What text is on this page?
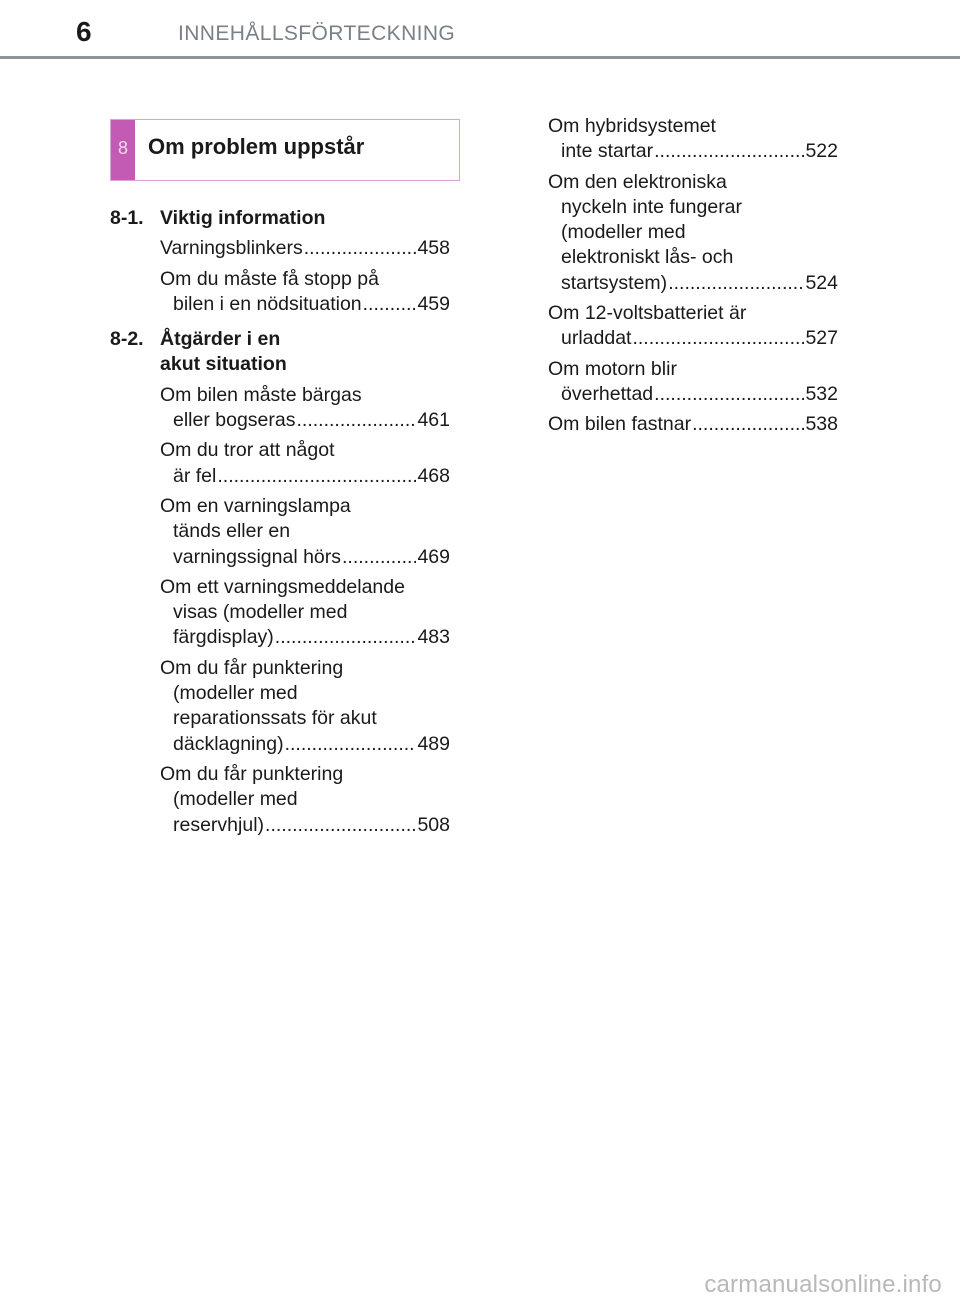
6	INNEHÅLLSFÖRTECKNING
8 Om problem uppstår
8-1. Viktig information
Varningsblinkers .....	458
Om du måste få stopp på
bilen i en nödsituation .....	459
8-2. Åtgärder i en
akut situation
Om bilen måste bärgas
eller bogseras .....	461
Om du tror att något
är fel .....	468
Om en varningslampa
tänds eller en
varningssignal hörs .....	469
Om ett varningsmeddelande
visas (modeller med
färgdisplay) .....	483
Om du får punktering
(modeller med
reparationssats för akut
däcklagning) .....	489
Om du får punktering
(modeller med
reservhjul) .....	508
Om hybridsystemet
inte startar .....	522
Om den elektroniska
nyckeln inte fungerar
(modeller med
elektroniskt lås- och
startsystem) .....	524
Om 12-voltsbatteriet är
urladdat .....	527
Om motorn blir
överhettad .....	532
Om bilen fastnar .....	538
carmanualsonline.info
